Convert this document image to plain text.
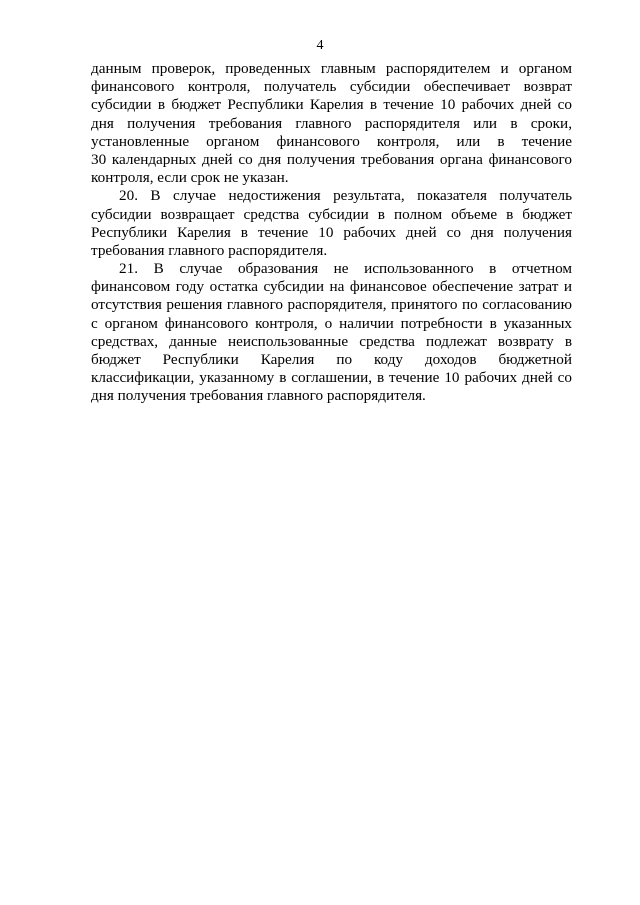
4
данным проверок, проведенных главным распорядителем и органом
финансового контроля, получатель субсидии обеспечивает возврат
субсидии в бюджет Республики Карелия в течение 10 рабочих дней со
дня получения требования главного распорядителя или в сроки,
установленные органом финансового контроля, или в течение
30 календарных дней со дня получения требования органа финансового
контроля, если срок не указан.
20. В случае недостижения результата, показателя получатель
субсидии возвращает средства субсидии в полном объеме в бюджет
Республики Карелия в течение 10 рабочих дней со дня получения
требования главного распорядителя.
21. В случае образования не использованного в отчетном
финансовом году остатка субсидии на финансовое обеспечение затрат и
отсутствия решения главного распорядителя, принятого по согласованию
с органом финансового контроля, о наличии потребности в указанных
средствах, данные неиспользованные средства подлежат возврату в
бюджет Республики Карелия по коду доходов бюджетной
классификации, указанному в соглашении, в течение 10 рабочих дней со
дня получения требования главного распорядителя.
